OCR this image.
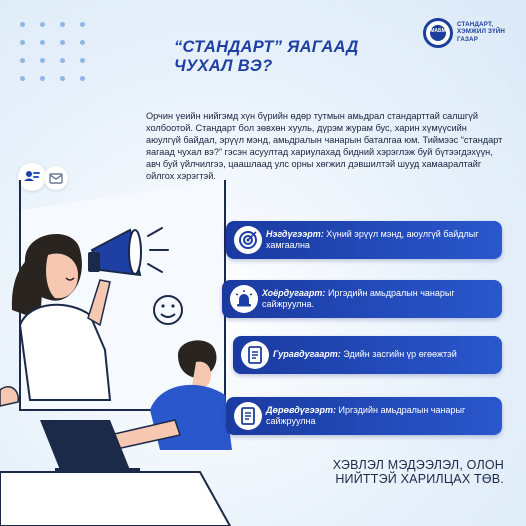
“СТАНДАРТ” ЯАГААД
ЧУХАЛ ВЭ?
МАБМ
СТАНДАРТ,
ХЭМЖИЛ ЗҮЙН
ГАЗАР
Орчин үеийн нийгэмд хүн бүрийн өдөр тутмын амьдрал стандарттай салшгүй холбоотой. Стандарт бол зөвхөн хууль, дүрэм журам бус, харин хүмүүсийн аюулгүй байдал, эрүүл мэнд, амьдралын чанарын баталгаа юм. Тиймээс “стандарт яагаад чухал вэ?” гэсэн асуултад хариулахад бидний хэрэглэж буй бүтээгдэхүүн, авч буй үйлчилгээ, цаашлаад улс орны хөгжил дэвшилтэй шууд хамааралтайг ойлгох хэрэгтэй.
Нэгдүгээрт: Хүний эрүүл мэнд, аюулгүй байдлыг хамгаална
Хоёрдугаарт: Иргэдийн амьдралын чанарыг сайжруулна.
Гуравдугаарт: Эдийн засгийн үр өгөөжтэй
Дөрөвдүгээрт: Иргэдийн амьдралын чанарыг сайжруулна
ХЭВЛЭЛ МЭДЭЭЛЭЛ, ОЛОН
НИЙТТЭЙ ХАРИЛЦАХ ТӨВ.
